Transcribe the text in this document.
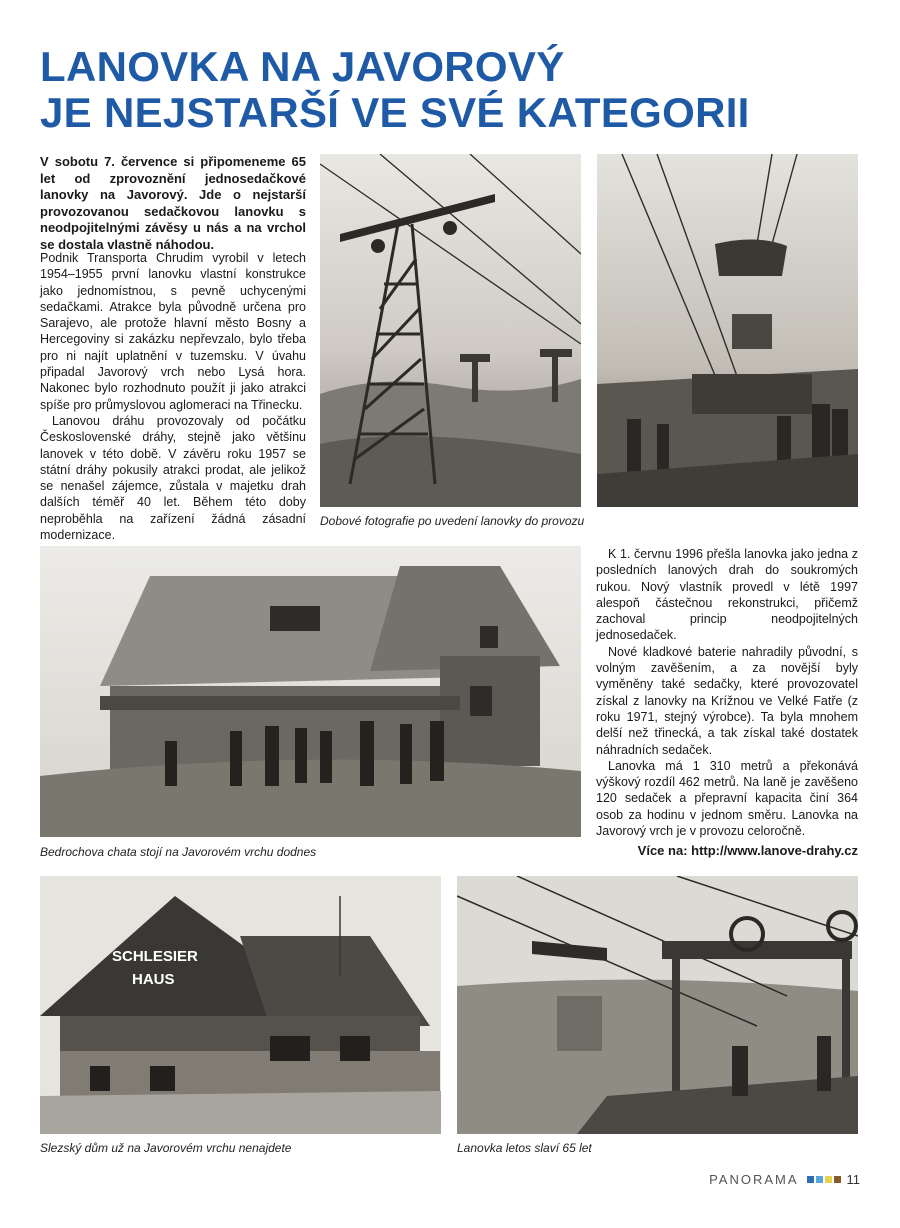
LANOVKA NA JAVOROVÝ
JE NEJSTARŠÍ VE SVÉ KATEGORII

V sobotu 7. července si připomeneme 65 let od zprovoznění jednosedačkové lanovky na Javorový. Jde o nejstarší provozovanou sedačkovou lanovku s neodpojitelnými závěsy u nás a na vrchol se dostala vlastně náhodou.

Podnik Transporta Chrudim vyrobil v letech 1954–1955 první lanovku vlastní konstrukce jako jednomístnou, s pevně uchycenými sedačkami. Atrakce byla původně určena pro Sarajevo, ale protože hlavní město Bosny a Hercegoviny si zakázku nepřevzalo, bylo třeba pro ni najít uplatnění v tuzemsku. V úvahu připadal Javorový vrch nebo Lysá hora. Nakonec bylo rozhodnuto použít ji jako atrakci spíše pro průmyslovou aglomeraci na Třinecku.

Lanovou dráhu provozovaly od počátku Československé dráhy, stejně jako většinu lanovek v této době. V závěru roku 1957 se státní dráhy pokusily atrakci prodat, ale jelikož se nenašel zájemce, zůstala v majetku drah dalších téměř 40 let. Během této doby neproběhla na zařízení žádná zásadní modernizace.

Dobové fotografie po uvedení lanovky do provozu

K 1. červnu 1996 přešla lanovka jako jedna z posledních lanových drah do soukromých rukou. Nový vlastník provedl v létě 1997 alespoň částečnou rekonstrukci, přičemž zachoval princip neodpojitelných jednosedaček.

Nové kladkové baterie nahradily původní, s volným zavěšením, a za novější byly vyměněny také sedačky, které provozovatel získal z lanovky na Krížnou ve Velké Fatře (z roku 1971, stejný výrobce). Ta byla mnohem delší než třinecká, a tak získal také dostatek náhradních sedaček.

Lanovka má 1 310 metrů a překonává výškový rozdíl 462 metrů. Na laně je zavěšeno 120 sedaček a přepravní kapacita činí 364 osob za hodinu v jednom směru. Lanovka na Javorový vrch je v provozu celoročně.

Bedrochova chata stojí na Javorovém vrchu dodnes	Více na: http://www.lanove-drahy.cz
SCHLESIER
HAUS
Slezský dům už na Javorovém vrchu nenajdete	Lanovka letos slaví 65 let
PANORAMA	11
